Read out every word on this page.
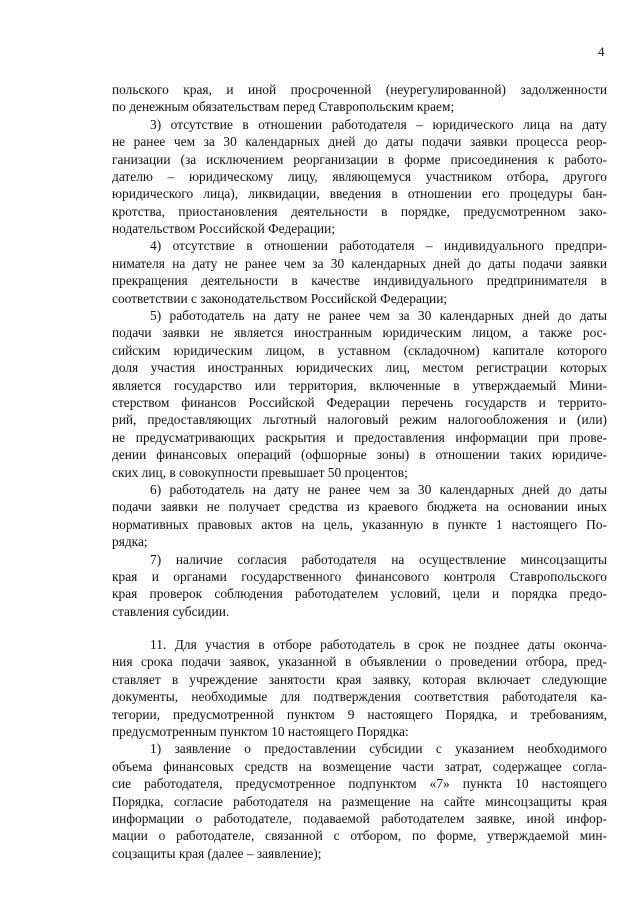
4
польского края, и иной просроченной (неурегулированной) задолженности
по денежным обязательствам перед Ставропольским краем;
3) отсутствие в отношении работодателя – юридического лица на дату
не ранее чем за 30 календарных дней до даты подачи заявки процесса реор-
ганизации (за исключением реорганизации в форме присоединения к работо-
дателю – юридическому лицу, являющемуся участником отбора, другого
юридического лица), ликвидации, введения в отношении его процедуры бан-
кротства, приостановления деятельности в порядке, предусмотренном зако-
нодательством Российской Федерации;
4) отсутствие в отношении работодателя – индивидуального предпри-
нимателя на дату не ранее чем за 30 календарных дней до даты подачи заявки
прекращения деятельности в качестве индивидуального предпринимателя в
соответствии с законодательством Российской Федерации;
5) работодатель на дату не ранее чем за 30 календарных дней до даты
подачи заявки не является иностранным юридическим лицом, а также рос-
сийским юридическим лицом, в уставном (складочном) капитале которого
доля участия иностранных юридических лиц, местом регистрации которых
является государство или территория, включенные в утверждаемый Мини-
стерством финансов Российской Федерации перечень государств и террито-
рий, предоставляющих льготный налоговый режим налогообложения и (или)
не предусматривающих раскрытия и предоставления информации при прове-
дении финансовых операций (офшорные зоны) в отношении таких юридиче-
ских лиц, в совокупности превышает 50 процентов;
6) работодатель на дату не ранее чем за 30 календарных дней до даты
подачи заявки не получает средства из краевого бюджета на основании иных
нормативных правовых актов на цель, указанную в пункте 1 настоящего По-
рядка;
7) наличие согласия работодателя на осуществление минсоцзащиты
края и органами государственного финансового контроля Ставропольского
края проверок соблюдения работодателем условий, цели и порядка предо-
ставления субсидии.
11. Для участия в отборе работодатель в срок не позднее даты оконча-
ния срока подачи заявок, указанной в объявлении о проведении отбора, пред-
ставляет в учреждение занятости края заявку, которая включает следующие
документы, необходимые для подтверждения соответствия работодателя ка-
тегории, предусмотренной пунктом 9 настоящего Порядка, и требованиям,
предусмотренным пунктом 10 настоящего Порядка:
1) заявление о предоставлении субсидии с указанием необходимого
объема финансовых средств на возмещение части затрат, содержащее согла-
сие работодателя, предусмотренное подпунктом «7» пункта 10 настоящего
Порядка, согласие работодателя на размещение на сайте минсоцзащиты края
информации о работодателе, подаваемой работодателем заявке, иной инфор-
мации о работодателе, связанной с отбором, по форме, утверждаемой мин-
соцзащиты края (далее – заявление);
